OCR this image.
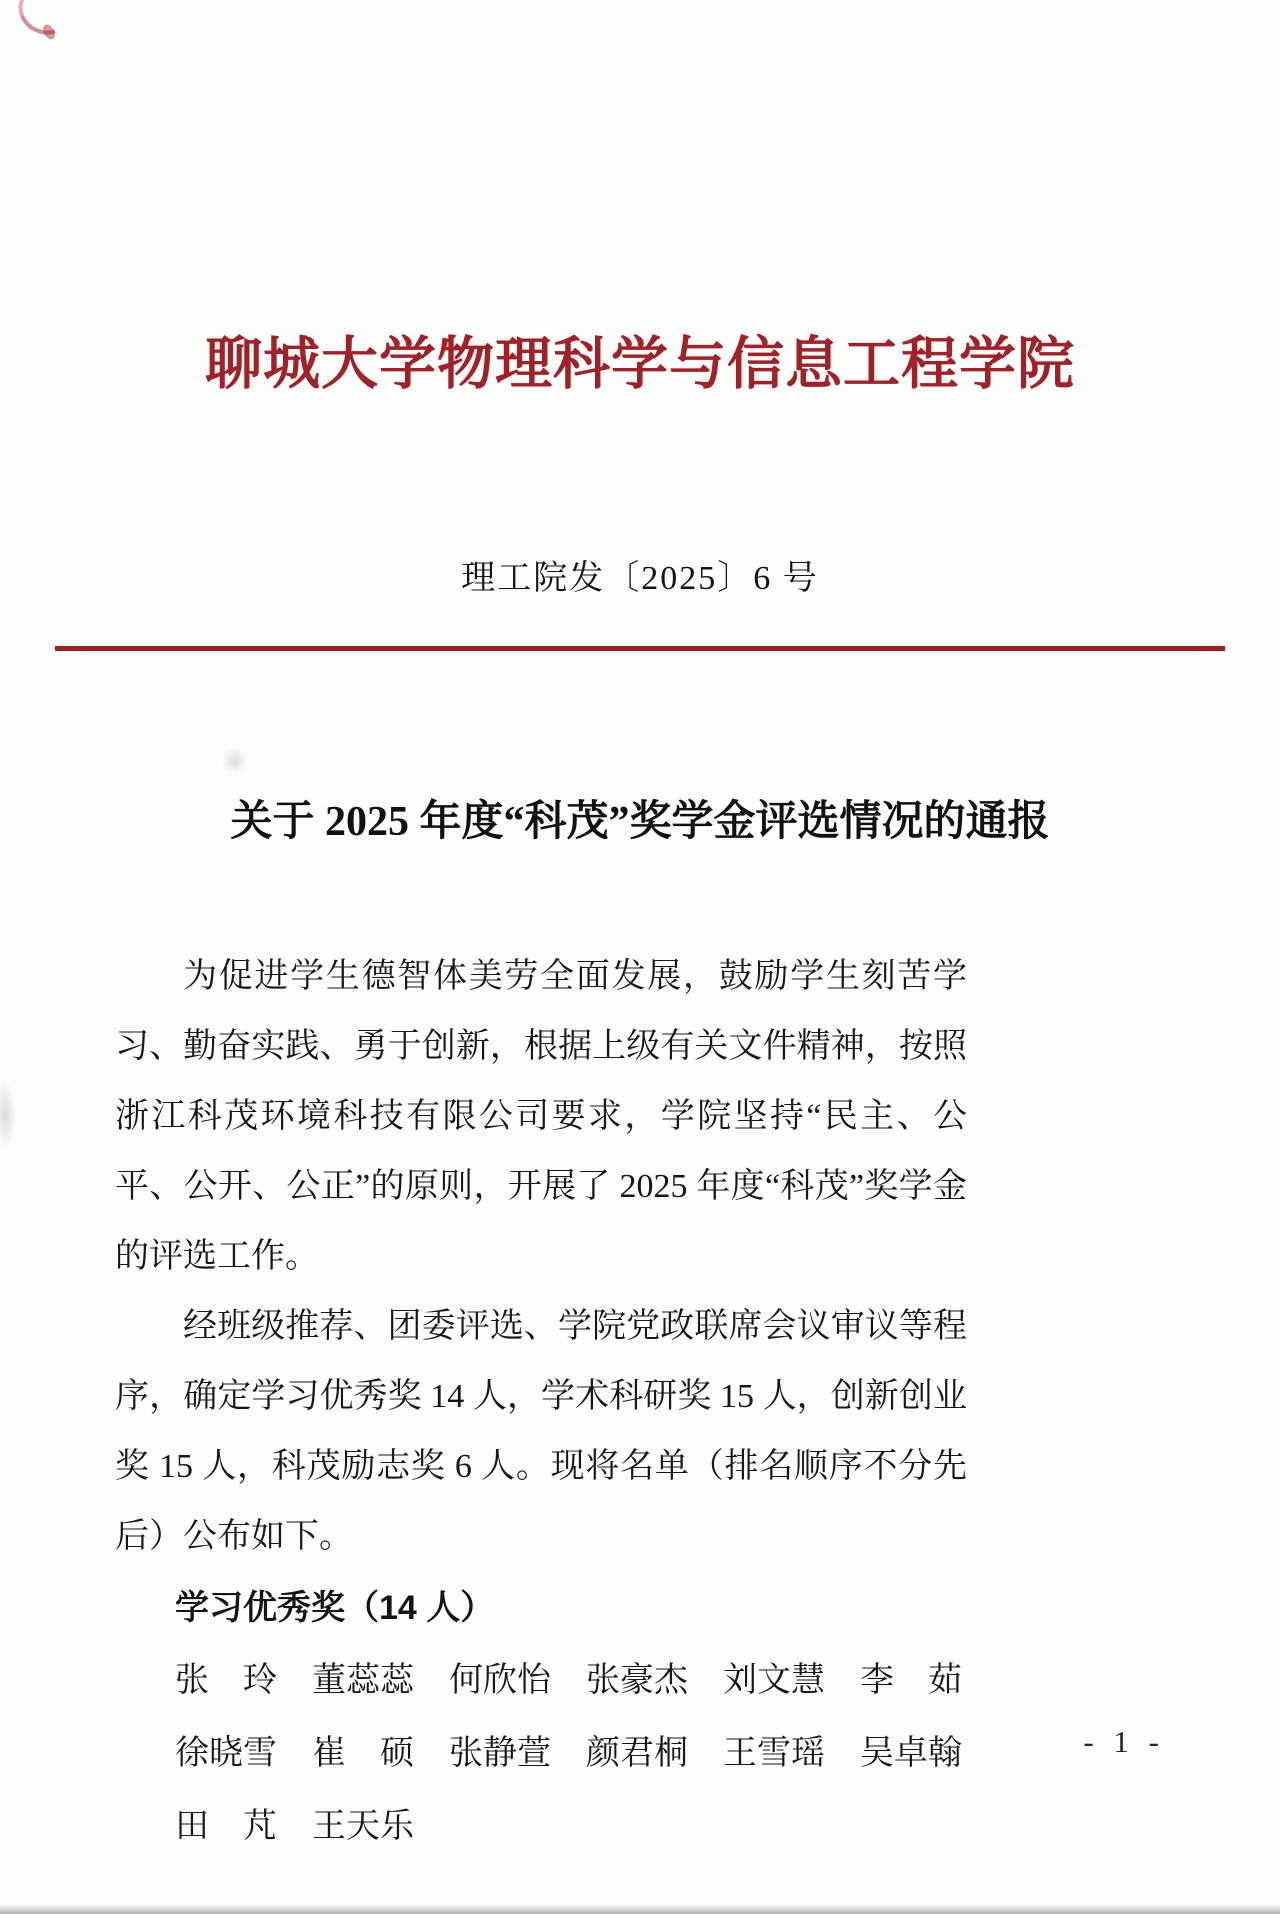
聊城大学物理科学与信息工程学院
理工院发〔2025〕6 号
关于 2025 年度“科茂”奖学金评选情况的通报

为促进学生德智体美劳全面发展，鼓励学生刻苦学习、勤奋实践、勇于创新，根据上级有关文件精神，按照浙江科茂环境科技有限公司要求，学院坚持“民主、公平、公开、公正”的原则，开展了 2025 年度“科茂”奖学金的评选工作。

经班级推荐、团委评选、学院党政联席会议审议等程序，确定学习优秀奖 14 人，学术科研奖 15 人，创新创业奖 15 人，科茂励志奖 6 人。现将名单（排名顺序不分先后）公布如下。

学习优秀奖（14 人）
张　玲	董蕊蕊	何欣怡	张豪杰	刘文慧	李　茹
徐晓雪	崔　硕	张静萱	颜君桐	王雪瑶	吴卓翰
田　芃	王天乐
- 1 -
